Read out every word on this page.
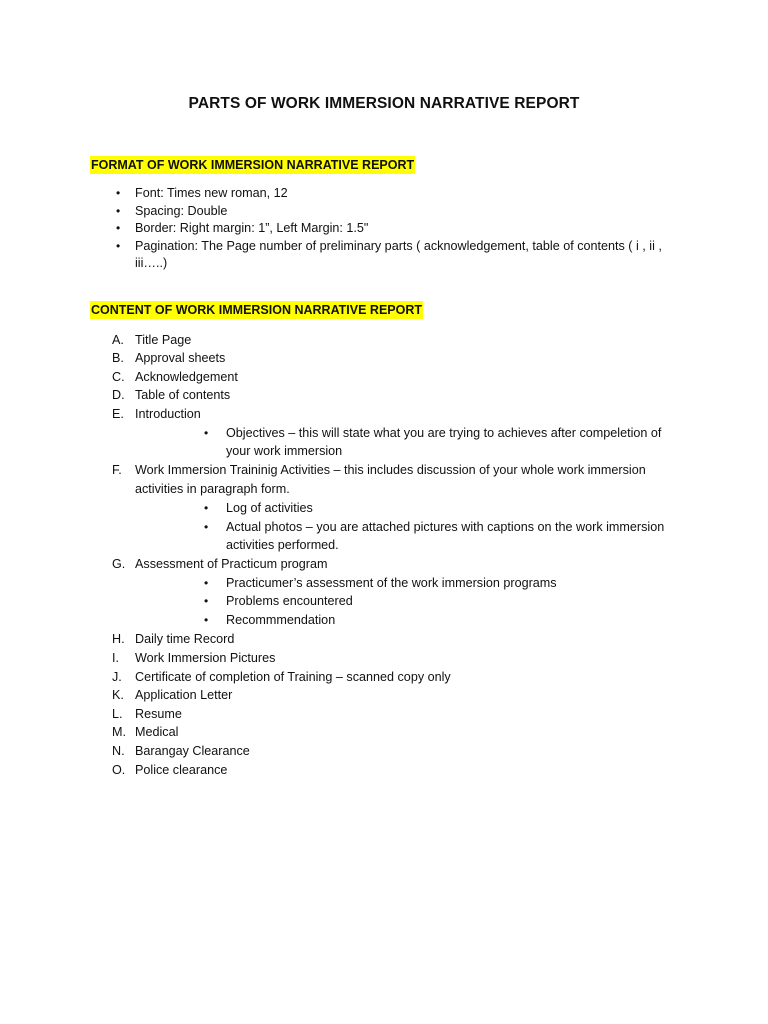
PARTS OF WORK IMMERSION NARRATIVE REPORT
FORMAT OF WORK IMMERSION NARRATIVE REPORT
• Font: Times new roman, 12
• Spacing: Double
• Border: Right margin: 1”, Left Margin: 1.5"
• Pagination: The Page number of preliminary parts ( acknowledgement, table of contents ( i , ii ,
iii…..)
CONTENT OF WORK IMMERSION NARRATIVE REPORT
A. Title Page
B. Approval sheets
C. Acknowledgement
D. Table of contents
E. Introduction
• Objectives – this will state what you are trying to achieves after compeletion of
your work immersion
F. Work Immersion Traininig Activities – this includes discussion of your whole work immersion
activities in paragraph form.
• Log of activities
• Actual photos – you are attached pictures with captions on the work immersion
activities performed.
G. Assessment of Practicum program
• Practicumer’s assessment of the work immersion programs
• Problems encountered
• Recommmendation
H. Daily time Record
I. Work Immersion Pictures
J. Certificate of completion of Training – scanned copy only
K. Application Letter
L. Resume
M. Medical
N. Barangay Clearance
O. Police clearance
